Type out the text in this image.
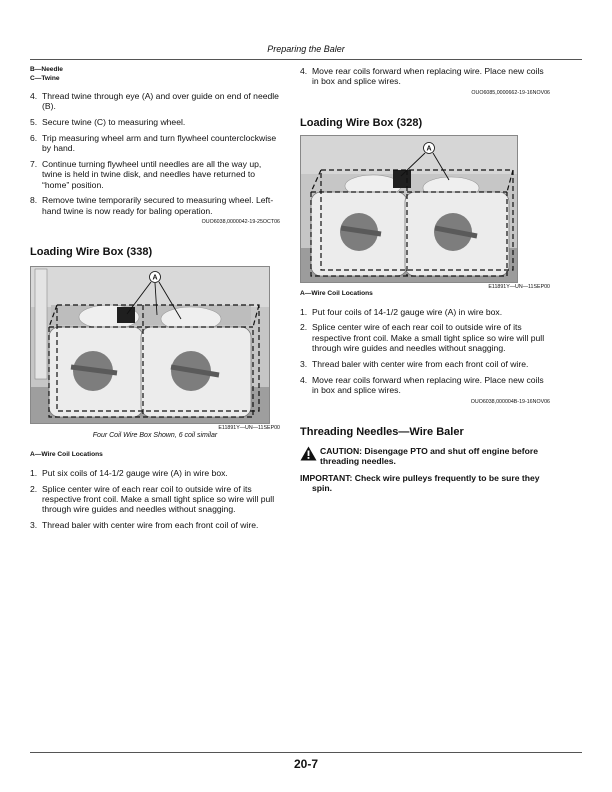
Preparing the Baler
B—Needle
C—Twine
4. Thread twine through eye (A) and over guide on end of needle (B).
5. Secure twine (C) to measuring wheel.
6. Trip measuring wheel arm and turn flywheel counterclockwise by hand.
7. Continue turning flywheel until needles are all the way up, twine is held in twine disk, and needles have returned to “home” position.
8. Remove twine temporarily secured to measuring wheel. Left-hand twine is now ready for baling operation.
OUO6038,0000042-19-25OCT06
Loading Wire Box (338)
A
E11891Y—UN—11SEP00
Four Coil Wire Box Shown, 6 coil similar
A—Wire Coil Locations
1. Put six coils of 14-1/2 gauge wire (A) in wire box.
2. Splice center wire of each rear coil to outside wire of its respective front coil. Make a small tight splice so wire will pull through wire guides and needles without snagging.
3. Thread baler with center wire from each front coil of wire.
4. Move rear coils forward when replacing wire. Place new coils in box and splice wires.
OUO6085,0000662-19-16NOV06
Loading Wire Box (328)
A
E11891Y—UN—11SEP00
A—Wire Coil Locations
1. Put four coils of 14-1/2 gauge wire (A) in wire box.
2. Splice center wire of each rear coil to outside wire of its respective front coil. Make a small tight splice so wire will pull through wire guides and needles without snagging.
3. Thread baler with center wire from each front coil of wire.
4. Move rear coils forward when replacing wire. Place new coils in box and splice wires.
OUO6038,000004B-19-16NOV06
Threading Needles—Wire Baler
CAUTION: Disengage PTO and shut off engine before threading needles.
IMPORTANT: Check wire pulleys frequently to be sure they spin.
20-7
